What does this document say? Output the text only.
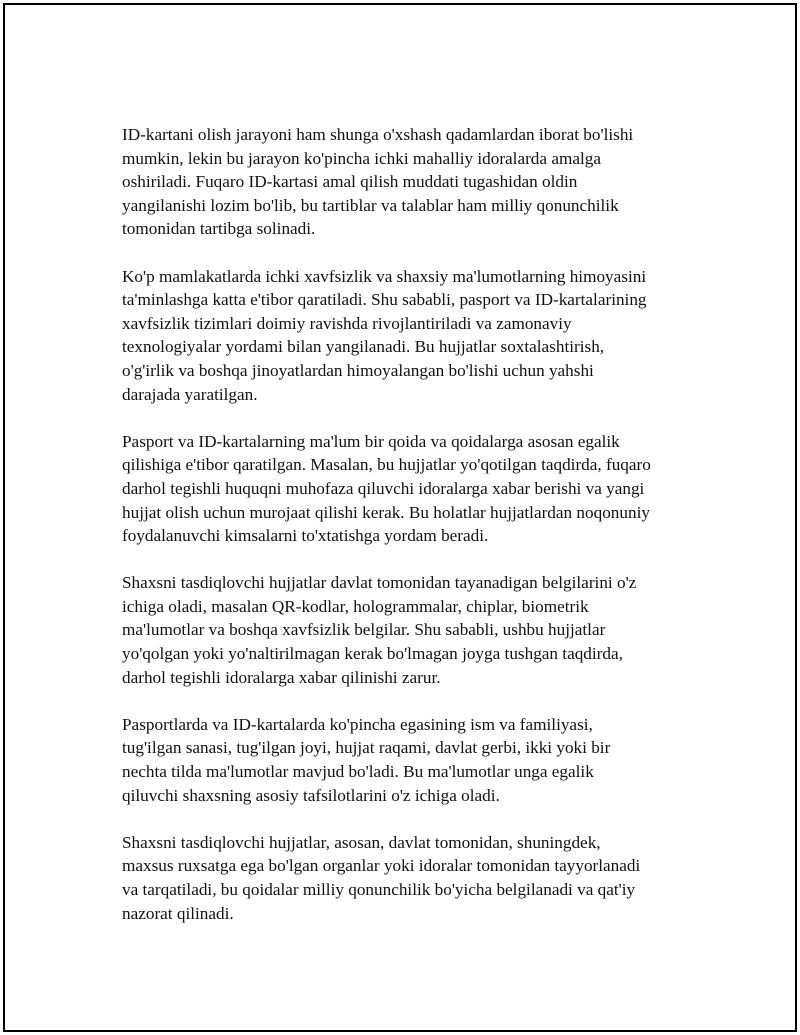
ID-kartani olish jarayoni ham shunga o'xshash qadamlardan iborat bo'lishi
mumkin, lekin bu jarayon ko'pincha ichki mahalliy idoralarda amalga
oshiriladi. Fuqaro ID-kartasi amal qilish muddati tugashidan oldin
yangilanishi lozim bo'lib, bu tartiblar va talablar ham milliy qonunchilik
tomonidan tartibga solinadi.

Ko'p mamlakatlarda ichki xavfsizlik va shaxsiy ma'lumotlarning himoyasini
ta'minlashga katta e'tibor qaratiladi. Shu sababli, pasport va ID-kartalarining
xavfsizlik tizimlari doimiy ravishda rivojlantiriladi va zamonaviy
texnologiyalar yordami bilan yangilanadi. Bu hujjatlar soxtalashtirish,
o'g'irlik va boshqa jinoyatlardan himoyalangan bo'lishi uchun yahshi
darajada yaratilgan.

Pasport va ID-kartalarning ma'lum bir qoida va qoidalarga asosan egalik
qilishiga e'tibor qaratilgan. Masalan, bu hujjatlar yo'qotilgan taqdirda, fuqaro
darhol tegishli huquqni muhofaza qiluvchi idoralarga xabar berishi va yangi
hujjat olish uchun murojaat qilishi kerak. Bu holatlar hujjatlardan noqonuniy
foydalanuvchi kimsalarni to'xtatishga yordam beradi.

Shaxsni tasdiqlovchi hujjatlar davlat tomonidan tayanadigan belgilarini o'z
ichiga oladi, masalan QR-kodlar, hologrammalar, chiplar, biometrik
ma'lumotlar va boshqa xavfsizlik belgilar. Shu sababli, ushbu hujjatlar
yo'qolgan yoki yo'naltirilmagan kerak bo'lmagan joyga tushgan taqdirda,
darhol tegishli idoralarga xabar qilinishi zarur.

Pasportlarda va ID-kartalarda ko'pincha egasining ism va familiyasi,
tug'ilgan sanasi, tug'ilgan joyi, hujjat raqami, davlat gerbi, ikki yoki bir
nechta tilda ma'lumotlar mavjud bo'ladi. Bu ma'lumotlar unga egalik
qiluvchi shaxsning asosiy tafsilotlarini o'z ichiga oladi.

Shaxsni tasdiqlovchi hujjatlar, asosan, davlat tomonidan, shuningdek,
maxsus ruxsatga ega bo'lgan organlar yoki idoralar tomonidan tayyorlanadi
va tarqatiladi, bu qoidalar milliy qonunchilik bo'yicha belgilanadi va qat'iy
nazorat qilinadi.
